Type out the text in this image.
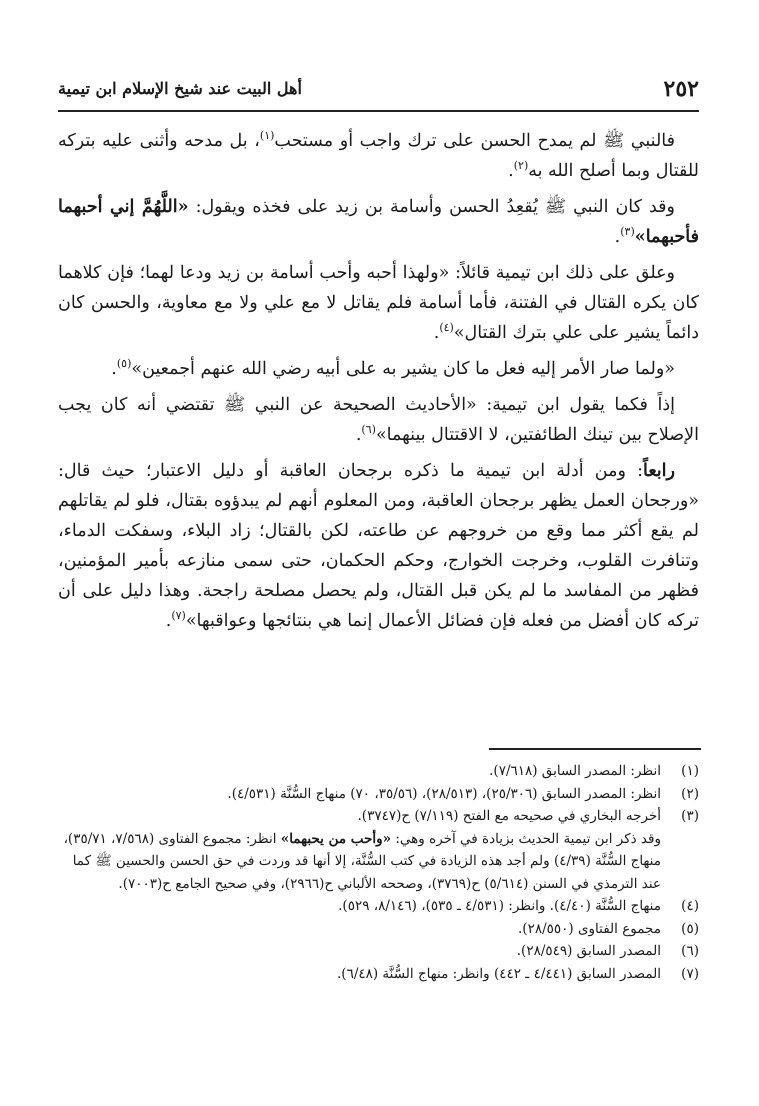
٢٥٢
أهل البيت عند شيخ الإسلام ابن تيمية

فالنبي ﷺ لم يمدح الحسن على ترك واجب أو مستحب$^{(١)}$، بل مدحه وأثنى عليه بتركه للقتال وبما أصلح الله به$^{(٢)}$.

وقد كان النبي ﷺ يُقعِدُ الحسن وأسامة بن زيد على فخذه ويقول: «اللَّهُمَّ إني أحبهما فأحبهما»$^{(٣)}$.

وعلق على ذلك ابن تيمية قائلاً: «ولهذا أحبه وأحب أسامة بن زيد ودعا لهما؛ فإن كلاهما كان يكره القتال في الفتنة، فأما أسامة فلم يقاتل لا مع علي ولا مع معاوية، والحسن كان دائماً يشير على علي بترك القتال»$^{(٤)}$.

«ولما صار الأمر إليه فعل ما كان يشير به على أبيه رضي الله عنهم أجمعين»$^{(٥)}$.

إذاً فكما يقول ابن تيمية: «الأحاديث الصحيحة عن النبي ﷺ تقتضي أنه كان يجب الإصلاح بين تينك الطائفتين، لا الاقتتال بينهما»$^{(٦)}$.

رابعاً: ومن أدلة ابن تيمية ما ذكره برجحان العاقبة أو دليل الاعتبار؛ حيث قال: «ورجحان العمل يظهر برجحان العاقبة، ومن المعلوم أنهم لم يبدؤوه بقتال، فلو لم يقاتلهم لم يقع أكثر مما وقع من خروجهم عن طاعته، لكن بالقتال؛ زاد البلاء، وسفكت الدماء، وتنافرت القلوب، وخرجت الخوارج، وحكم الحكمان، حتى سمى منازعه بأمير المؤمنين، فظهر من المفاسد ما لم يكن قبل القتال، ولم يحصل مصلحة راجحة. وهذا دليل على أن تركه كان أفضل من فعله فإن فضائل الأعمال إنما هي بنتائجها وعواقبها»$^{(٧)}$.

(١)
انظر: المصدر السابق (٧/٦١٨).
(٢)
انظر: المصدر السابق (٢٥/٣٠٦)، (٢٨/٥١٣)، (٣٥/٥٦، ٧٠) منهاج السُّنَّة (٤/٥٣١).
(٣)
أخرجه البخاري في صحيحه مع الفتح (٧/١١٩) ح(٣٧٤٧).
وقد ذكر ابن تيمية الحديث بزيادة في آخره وهي: «وأحب من يحبهما» انظر: مجموع الفتاوى (٧/٥٦٨، ٣٥/٧١)، منهاج السُّنَّة (٤/٣٩) ولم أجد هذه الزيادة في كتب السُّنَّة، إلا أنها قد وردت في حق الحسن والحسين ﷺ كما عند الترمذي في السنن (٥/٦١٤) ح(٣٧٦٩)، وصححه الألباني ح(٢٩٦٦)، وفي صحيح الجامع ح(٧٠٠٣).
(٤)
منهاج السُّنَّة (٤/٤٠). وانظر: (٤/٥٣١ ـ ٥٣٥)، (٨/١٤٦، ٥٢٩).
(٥)
مجموع الفتاوى (٢٨/٥٥٠).
(٦)
المصدر السابق (٢٨/٥٤٩).
(٧)
المصدر السابق (٤/٤٤١ ـ ٤٤٢) وانظر: منهاج السُّنَّة (٦/٤٨).
